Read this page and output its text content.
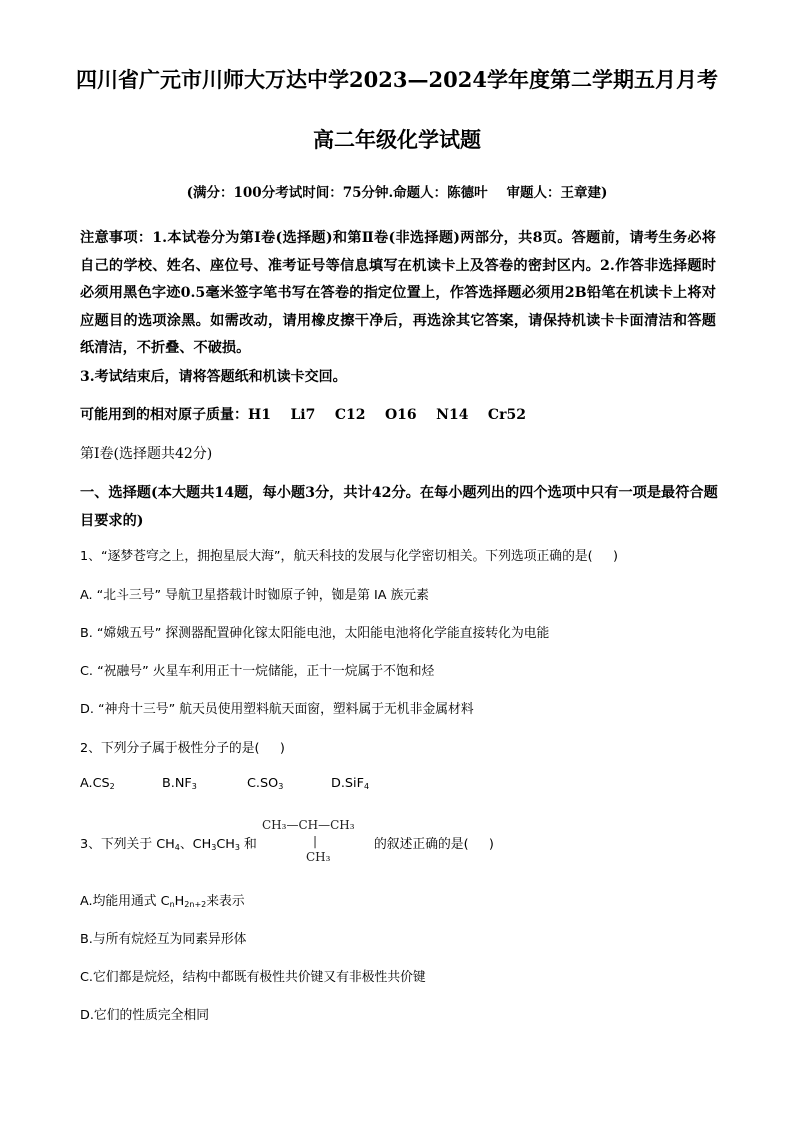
四川省广元市川师大万达中学2023—2024学年度第二学期五月月考
高二年级化学试题
(满分：100分考试时间：75分钟.命题人：陈德叶    审题人：王章建)
注意事项：1.本试卷分为第Ⅰ卷(选择题)和第Ⅱ卷(非选择题)两部分，共8页。答题前，请考生务必将自己的学校、姓名、座位号、准考证号等信息填写在机读卡上及答卷的密封区内。2.作答非选择题时必须用黑色字迹0.5毫米签字笔书写在答卷的指定位置上，作答选择题必须用2B铅笔在机读卡上将对应题目的选项涂黑。如需改动，请用橡皮擦干净后，再选涂其它答案，请保持机读卡卡面清洁和答题纸清洁，不折叠、不破损。
3.考试结束后，请将答题纸和机读卡交回。
可能用到的相对原子质量：H1    Li7    C12    O16    N14    Cr52
第Ⅰ卷(选择题共42分)
一、选择题(本大题共14题，每小题3分，共计42分。在每小题列出的四个选项中只有一项是最符合题目要求的)
1、“逐梦苍穹之上，拥抱星辰大海”，航天科技的发展与化学密切相关。下列选项正确的是(     )
A. “北斗三号” 导航卫星搭载计时铷原子钟，铷是第 IA 族元素
B. “嫦娥五号” 探测器配置砷化镓太阳能电池，太阳能电池将化学能直接转化为电能
C. “祝融号” 火星车利用正十一烷储能，正十一烷属于不饱和烃
D. “神舟十三号” 航天员使用塑料航天面窗，塑料属于无机非金属材料
2、下列分子属于极性分子的是(     )
$A.CS_2$	$B.NF_3$	$C.SO_3$	D.SiF$_4$
3、下列关于 $CH_4$、$CH_3CH_3$ 和
CH₃—CH—CH₃
|
CH₃
的叙述正确的是(     )
A.均能用通式 $C_nH_{2n+2}$来表示
B.与所有烷烃互为同素异形体
C.它们都是烷烃，结构中都既有极性共价键又有非极性共价键
D.它们的性质完全相同
